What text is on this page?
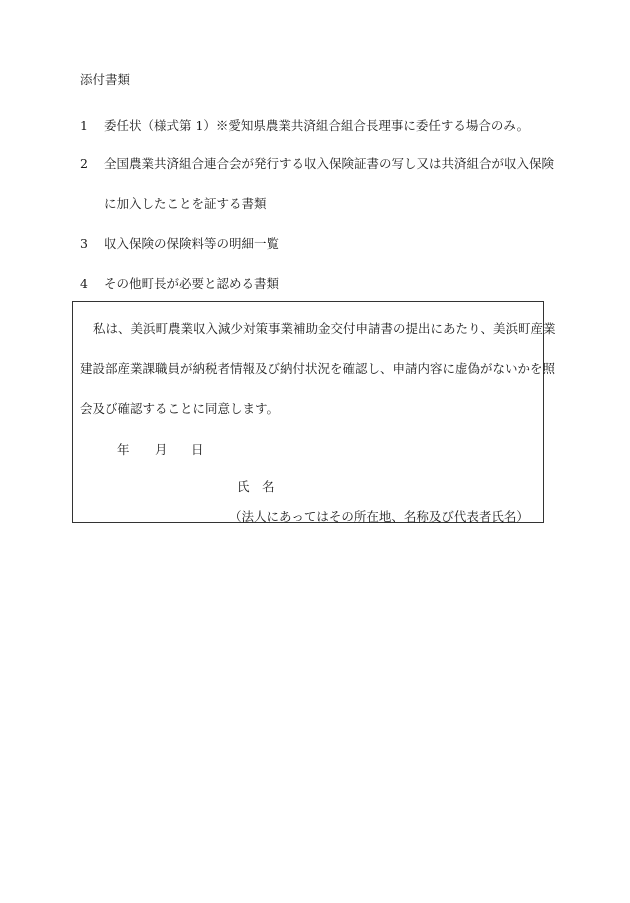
添付書類
1 委任状（様式第 1）※愛知県農業共済組合組合長理事に委任する場合のみ。
2 全国農業共済組合連合会が発行する収入保険証書の写し又は共済組合が収入保険
に加入したことを証する書類
3 収入保険の保険料等の明細一覧
4 その他町長が必要と認める書類
私は、美浜町農業収入減少対策事業補助金交付申請書の提出にあたり、美浜町産業
建設部産業課職員が納税者情報及び納付状況を確認し、申請内容に虚偽がないかを照
会及び確認することに同意します。
年 月 日
氏　名
（法人にあってはその所在地、名称及び代表者氏名）
